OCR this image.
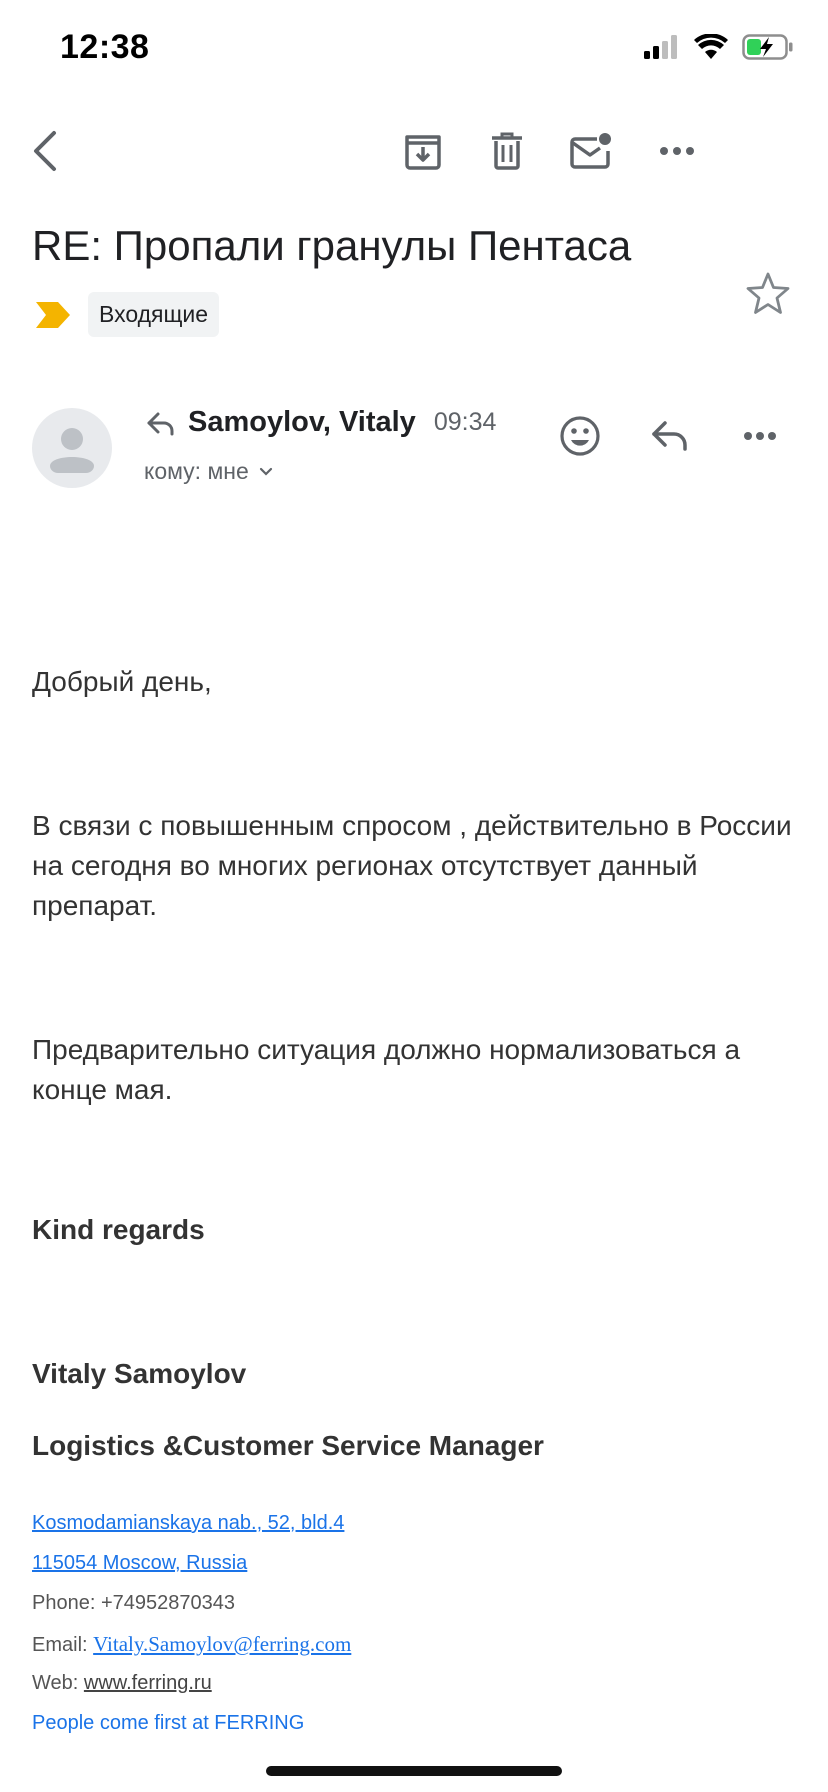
12:38
RE: Пропали гранулы Пентаса
Входящие
Samoylov, Vitaly 09:34
кому: мне
Добрый день,
В связи с повышенным спросом , действительно в России на сегодня во многих регионах отсутствует данный препарат.
Предварительно ситуация должно нормализоваться а конце мая.
Kind regards
Vitaly Samoylov
Logistics &Customer Service Manager
Kosmodamianskaya nab., 52, bld.4
115054 Moscow, Russia
Phone: +74952870343
Email: Vitaly.Samoylov@ferring.com
Web: www.ferring.ru
People come first at FERRING
